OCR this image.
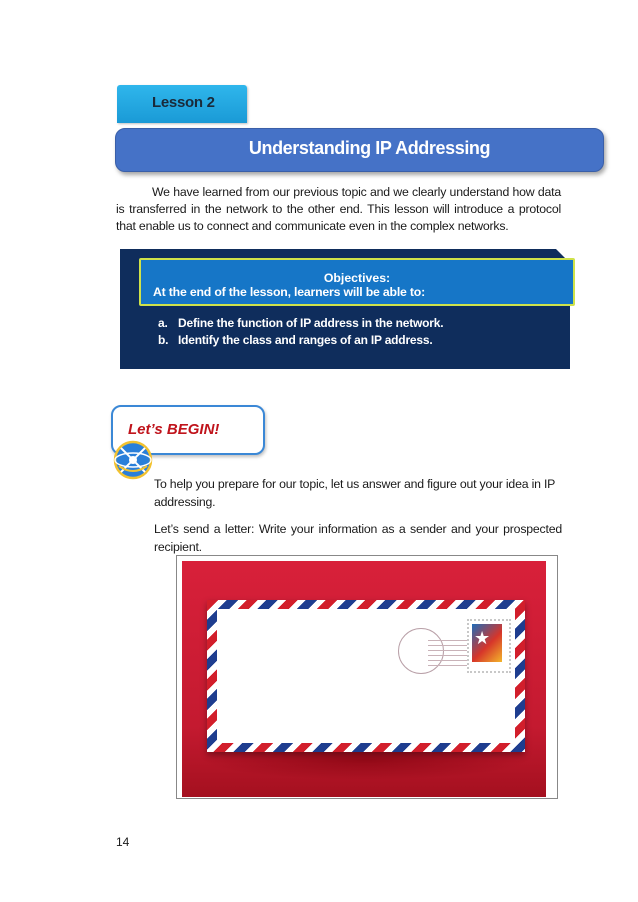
Lesson 2
Understanding IP Addressing

We have learned from our previous topic and we clearly understand how data is transferred in the network to the other end. This lesson will introduce a protocol that enable us to connect and communicate even in the complex networks.

Objectives:
At the end of the lesson, learners will be able to:
a. Define the function of IP address in the network.
b. Identify the class and ranges of an IP address.
Let’s BEGIN!

To help you prepare for our topic, let us answer and figure out your idea in IP addressing.

Let’s send a letter: Write your information as a sender and your prospected recipient.

★
14
